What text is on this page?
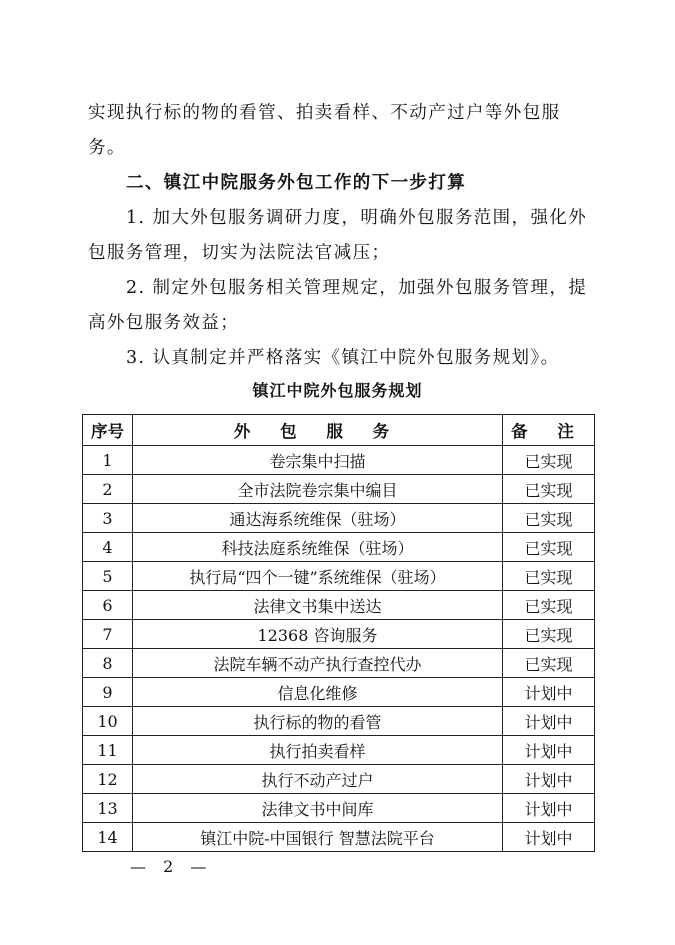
实现执行标的物的看管、拍卖看样、不动产过户等外包服务。

二、镇江中院服务外包工作的下一步打算

1. 加大外包服务调研力度，明确外包服务范围，强化外包服务管理，切实为法院法官减压；

2. 制定外包服务相关管理规定，加强外包服务管理，提高外包服务效益；

3. 认真制定并严格落实《镇江中院外包服务规划》。

镇江中院外包服务规划
序号	外 包 服 务	备 注
1	卷宗集中扫描	已实现
2	全市法院卷宗集中编目	已实现
3	通达海系统维保（驻场）	已实现
4	科技法庭系统维保（驻场）	已实现
5	执行局“四个一键”系统维保（驻场）	已实现
6	法律文书集中送达	已实现
7	12368 咨询服务	已实现
8	法院车辆不动产执行查控代办	已实现
9	信息化维修	计划中
10	执行标的物的看管	计划中
11	执行拍卖看样	计划中
12	执行不动产过户	计划中
13	法律文书中间库	计划中
14	镇江中院-中国银行 智慧法院平台	计划中
— 2 —
